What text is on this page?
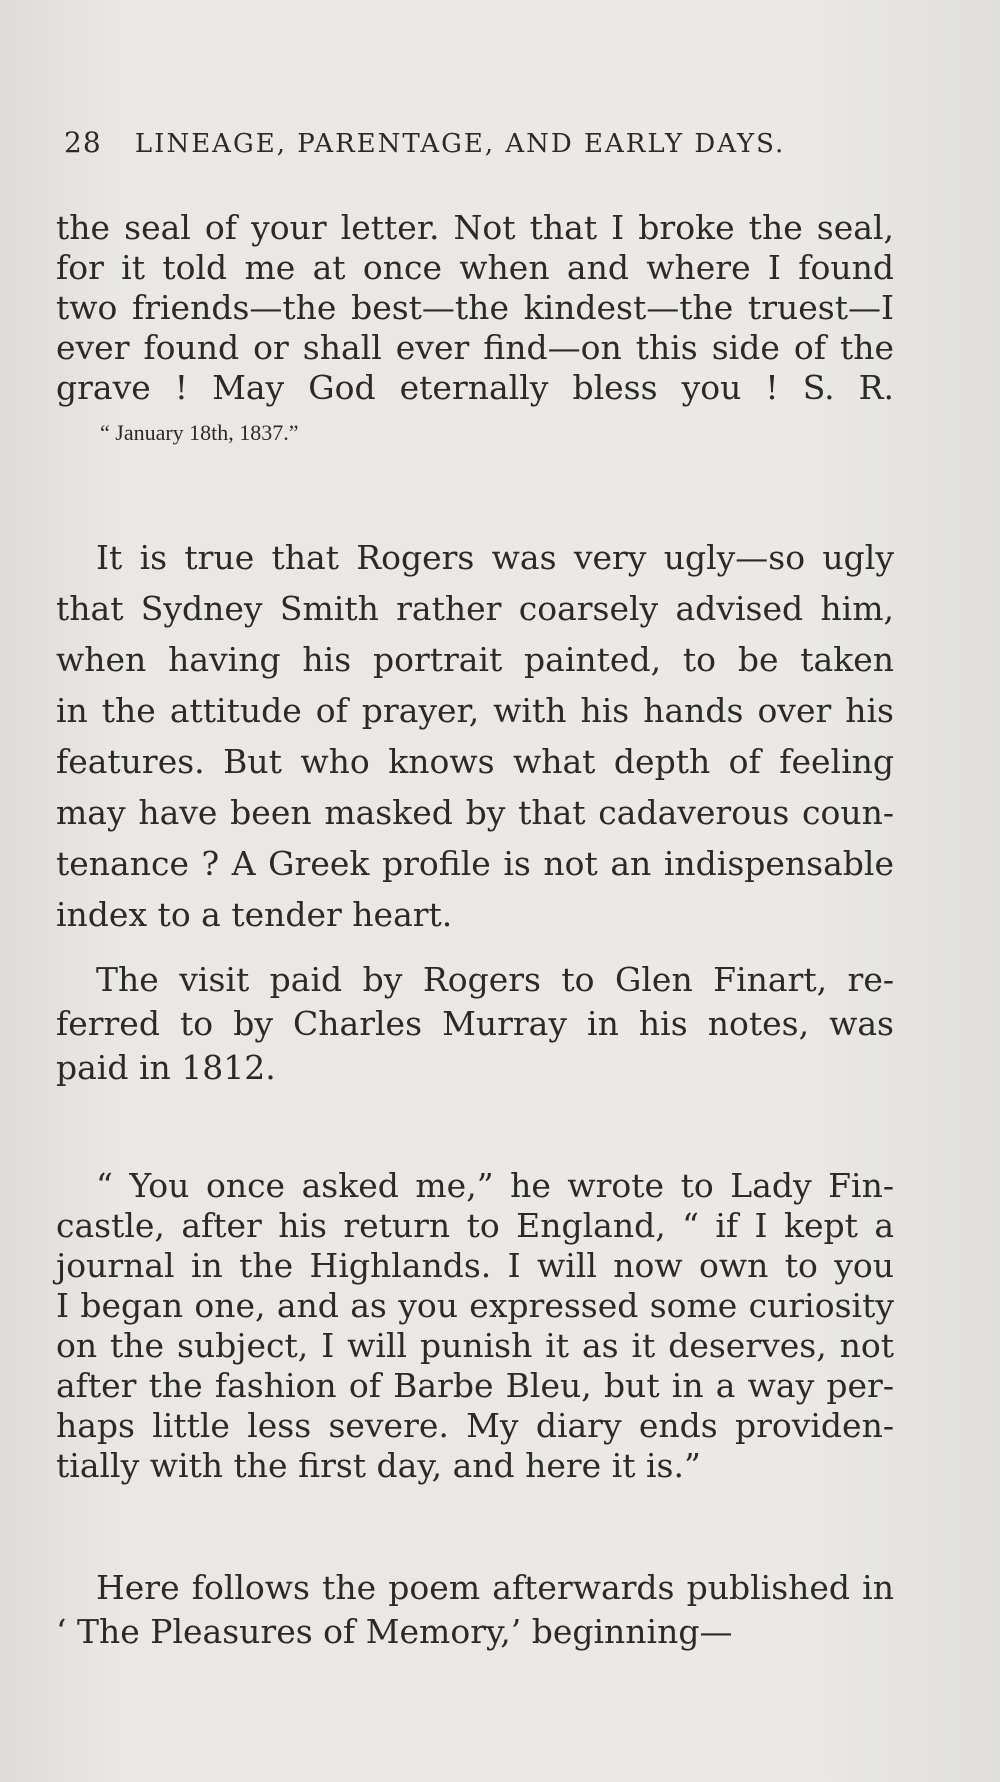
28 LINEAGE, PARENTAGE, AND EARLY DAYS.
the seal of your letter. Not that I broke the seal,
for it told me at once when and where I found
two friends—the best—the kindest—the truest—I
ever found or shall ever find—on this side of the
grave ! May God eternally bless you ! S. R.
“ January 18th, 1837.”
It is true that Rogers was very ugly—so ugly
that Sydney Smith rather coarsely advised him,
when having his portrait painted, to be taken
in the attitude of prayer, with his hands over his
features. But who knows what depth of feeling
may have been masked by that cadaverous coun-
tenance ? A Greek profile is not an indispensable
index to a tender heart.
The visit paid by Rogers to Glen Finart, re-
ferred to by Charles Murray in his notes, was
paid in 1812.
“ You once asked me,” he wrote to Lady Fin-
castle, after his return to England, “ if I kept a
journal in the Highlands. I will now own to you
I began one, and as you expressed some curiosity
on the subject, I will punish it as it deserves, not
after the fashion of Barbe Bleu, but in a way per-
haps little less severe. My diary ends providen-
tially with the first day, and here it is.”
Here follows the poem afterwards published in
‘ The Pleasures of Memory,’ beginning—
